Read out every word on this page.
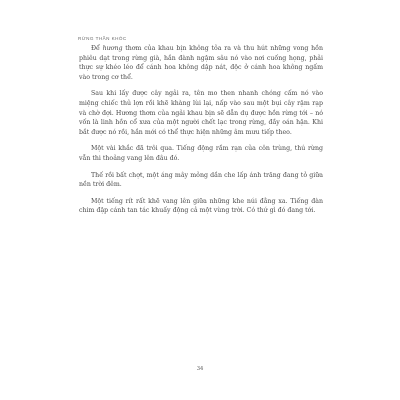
RỪNG THẦN KHÓC

Để hương thơm của khau bịn không tỏa ra và thu hút những vong hồn phiêu dạt trong rừng già, hắn đành ngậm sâu nó vào nơi cuống họng, phải thực sự khéo léo để cánh hoa không dập nát, độc ở cánh hoa không ngấm vào trong cơ thể.

Sau khi lấy được cây ngải ra, tên mo then nhanh chóng cấm nó vào miệng chiếc thủ lợn rồi khẽ khàng lùi lại, nấp vào sau một bụi cây rậm rạp và chờ đợi. Hương thơm của ngải khau bịn sẽ dẫn dụ được hồn rừng tới – nó vốn là linh hồn cổ xưa của một người chết lạc trong rừng, đầy oán hận. Khi bắt được nó rồi, hắn mới có thể thực hiện những âm mưu tiếp theo.

Một vài khắc đã trôi qua. Tiếng động rầm rạn của côn trùng, thú rừng vẫn thi thoảng vang lên đâu đó.

Thế rồi bất chợt, một áng mây mỏng dần che lấp ánh trăng đang tỏ giữa nền trời đêm.

Một tiếng rít rất khẽ vang lên giữa những khe núi đằng xa. Tiếng đàn chim đập cánh tan tác khuấy động cả một vùng trời. Có thứ gì đó đang tới.

34
